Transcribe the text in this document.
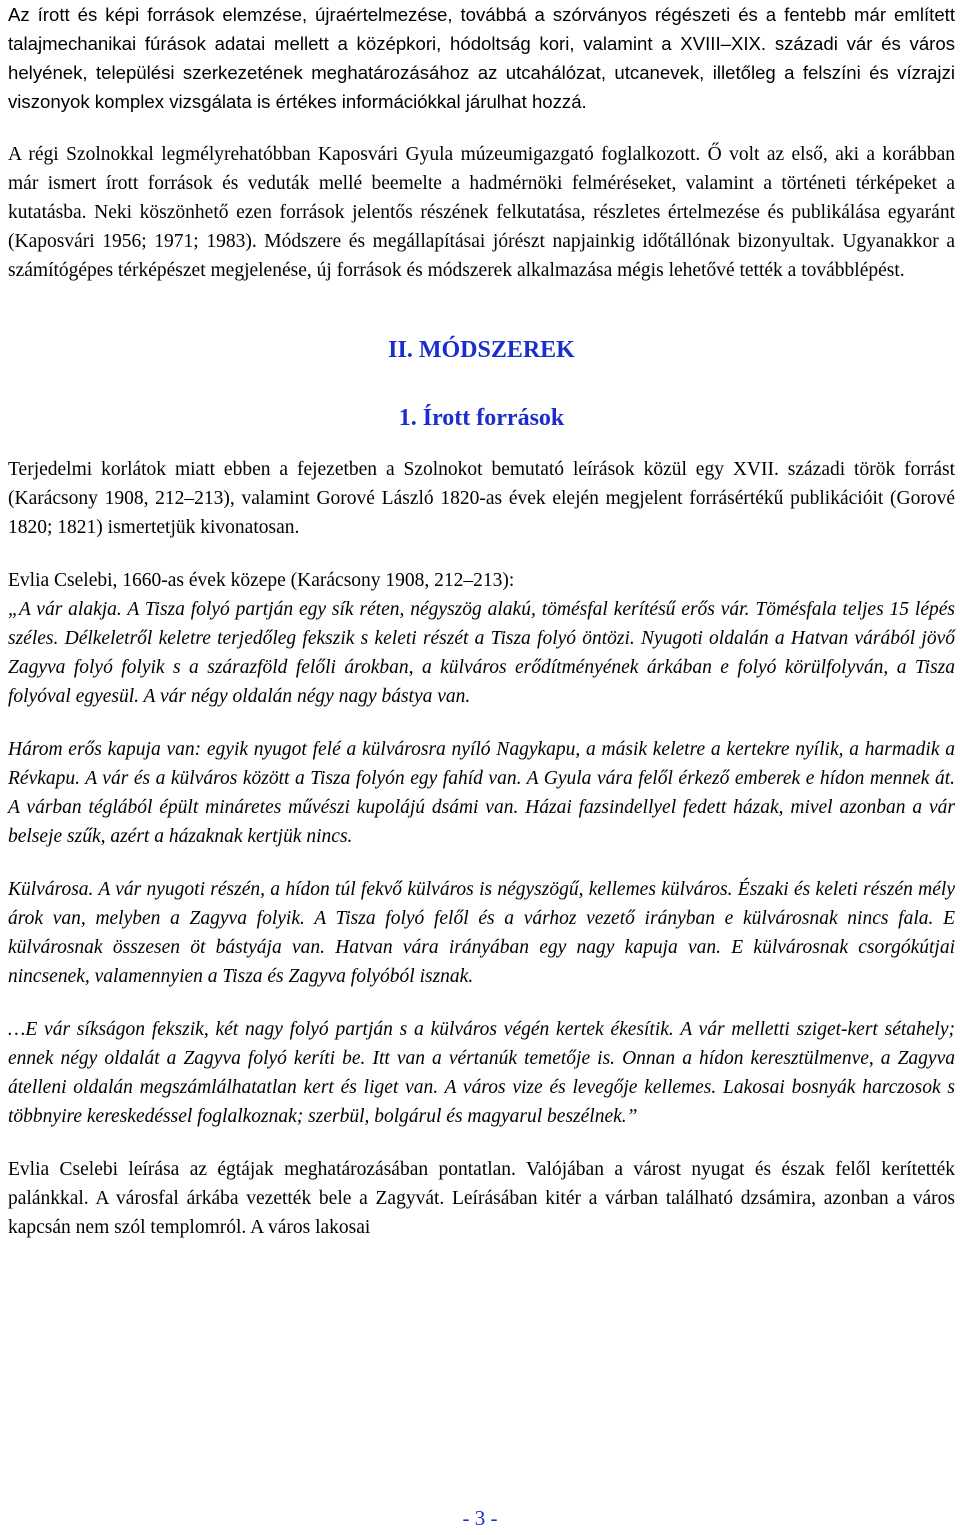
Az írott és képi források elemzése, újraértelmezése, továbbá a szórványos régészeti és a fentebb már említett talajmechanikai fúrások adatai mellett a középkori, hódoltság kori, valamint a XVIII–XIX. századi vár és város helyének, települési szerkezetének meghatározásához az utcahálózat, utcanevek, illetőleg a felszíni és vízrajzi viszonyok komplex vizsgálata is értékes információkkal járulhat hozzá.

A régi Szolnokkal legmélyrehatóbban Kaposvári Gyula múzeumigazgató foglalkozott. Ő volt az első, aki a korábban már ismert írott források és veduták mellé beemelte a hadmérnöki felméréseket, valamint a történeti térképeket a kutatásba. Neki köszönhető ezen források jelentős részének felkutatása, részletes értelmezése és publikálása egyaránt (Kaposvári 1956; 1971; 1983). Módszere és megállapításai jórészt napjainkig időtállónak bizonyultak. Ugyanakkor a számítógépes térképészet megjelenése, új források és módszerek alkalmazása mégis lehetővé tették a továbblépést.

II. MÓDSZEREK
1. Írott források

Terjedelmi korlátok miatt ebben a fejezetben a Szolnokot bemutató leírások közül egy XVII. századi török forrást (Karácsony 1908, 212–213), valamint Gorové László 1820-as évek elején megjelent forrásértékű publikációit (Gorové 1820; 1821) ismertetjük kivonatosan.

Evlia Cselebi, 1660-as évek közepe (Karácsony 1908, 212–213):

„A vár alakja. A Tisza folyó partján egy sík réten, négyszög alakú, tömésfal kerítésű erős vár. Tömésfala teljes 15 lépés széles. Délkeletről keletre terjedőleg fekszik s keleti részét a Tisza folyó öntözi. Nyugoti oldalán a Hatvan várából jövő Zagyva folyó folyik s a szárazföld felőli árokban, a külváros erődítményének árkában e folyó körülfolyván, a Tisza folyóval egyesül. A vár négy oldalán négy nagy bástya van.

Három erős kapuja van: egyik nyugot felé a külvárosra nyíló Nagykapu, a másik keletre a kertekre nyílik, a harmadik a Révkapu. A vár és a külváros között a Tisza folyón egy fahíd van. A Gyula vára felől érkező emberek e hídon mennek át. A várban téglából épült mináretes művészi kupolájú dsámi van. Házai fazsindellyel fedett házak, mivel azonban a vár belseje szűk, azért a házaknak kertjük nincs.

Külvárosa. A vár nyugoti részén, a hídon túl fekvő külváros is négyszögű, kellemes külváros. Északi és keleti részén mély árok van, melyben a Zagyva folyik. A Tisza folyó felől és a várhoz vezető irányban e külvárosnak nincs fala. E külvárosnak összesen öt bástyája van. Hatvan vára irányában egy nagy kapuja van. E külvárosnak csorgókútjai nincsenek, valamennyien a Tisza és Zagyva folyóból isznak.

…E vár síkságon fekszik, két nagy folyó partján s a külváros végén kertek ékesítik. A vár melletti sziget-kert sétahely; ennek négy oldalát a Zagyva folyó keríti be. Itt van a vértanúk temetője is. Onnan a hídon keresztülmenve, a Zagyva átelleni oldalán megszámlálhatatlan kert és liget van. A város vize és levegője kellemes. Lakosai bosnyák harczosok s többnyire kereskedéssel foglalkoznak; szerbül, bolgárul és magyarul beszélnek.”

Evlia Cselebi leírása az égtájak meghatározásában pontatlan. Valójában a várost nyugat és észak felől kerítették palánkkal. A városfal árkába vezették bele a Zagyvát. Leírásában kitér a várban található dzsámira, azonban a város kapcsán nem szól templomról. A város lakosai

- 3 -
